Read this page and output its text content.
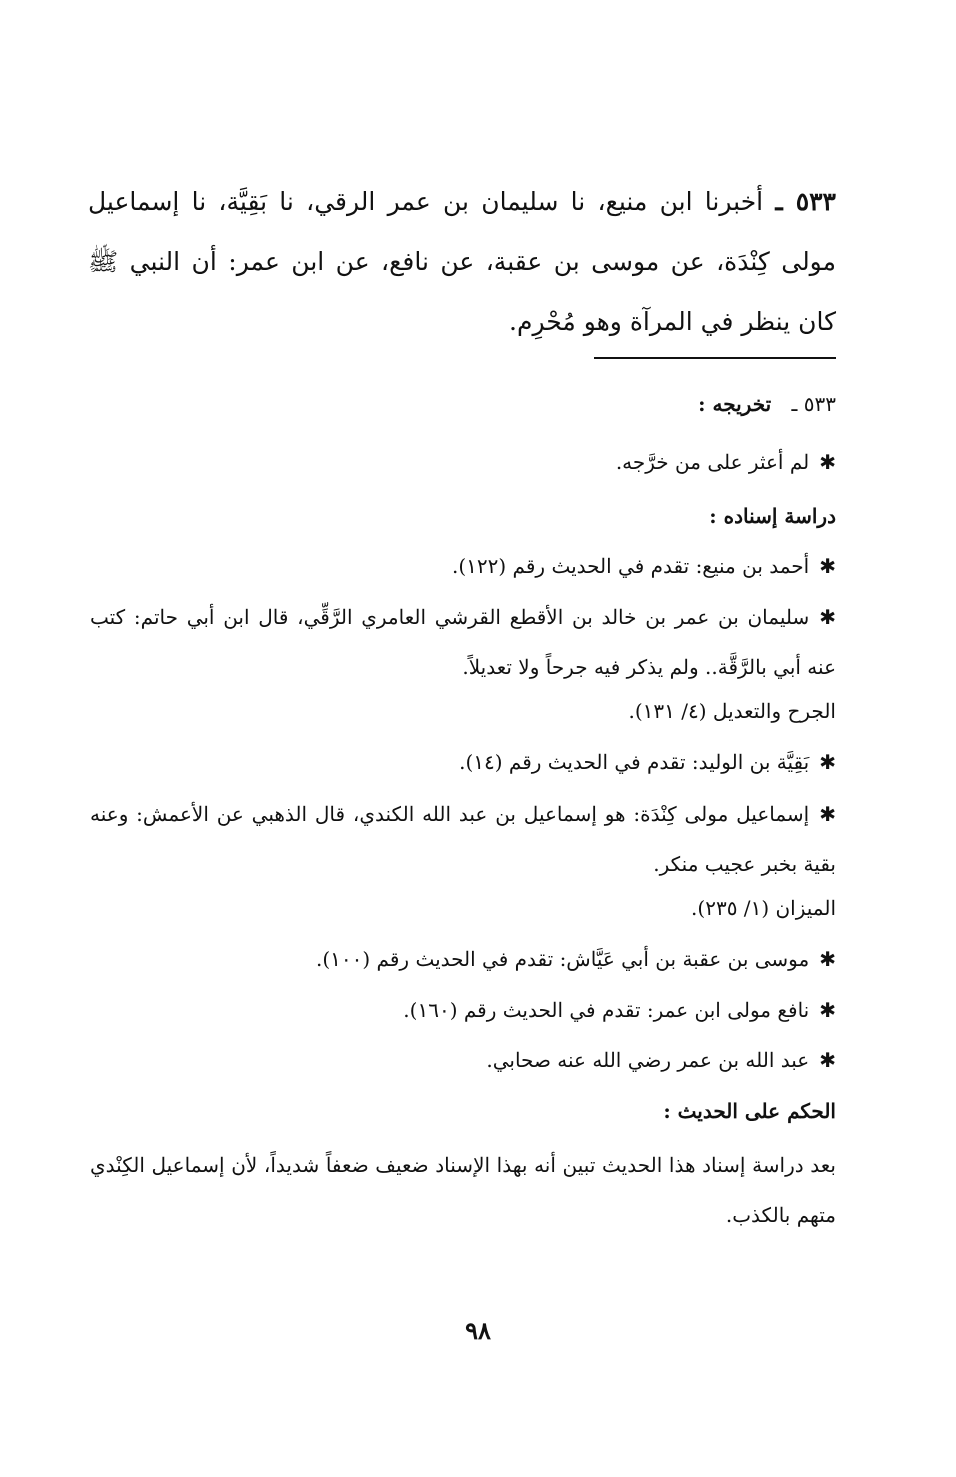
٥٣٣ ـ أخبرنا ابن منيع، نا سليمان بن عمر الرقي، نا بَقِيَّة، نا إسماعيل مولى كِنْدَة، عن موسى بن عقبة، عن نافع، عن ابن عمر: أن النبي ﷺ كان ينظر في المرآة وهو مُحْرِم.
٥٣٣ ـ تخريجه :
✱لم أعثر على من خرَّجه.
دراسة إسناده :
✱أحمد بن منيع: تقدم في الحديث رقم (١٢٢).
✱سليمان بن عمر بن خالد بن الأقطع القرشي العامري الرَّقِّي، قال ابن أبي حاتم: كتب عنه أبي بالرَّقَّة.. ولم يذكر فيه جرحاً ولا تعديلاً.
الجرح والتعديل (٤/ ١٣١).
✱بَقِيَّة بن الوليد: تقدم في الحديث رقم (١٤).
✱إسماعيل مولى كِنْدَة: هو إسماعيل بن عبد الله الكندي، قال الذهبي عن الأعمش: وعنه بقية بخبر عجيب منكر.
الميزان (١/ ٢٣٥).
✱موسى بن عقبة بن أبي عَيَّاش: تقدم في الحديث رقم (١٠٠).
✱نافع مولى ابن عمر: تقدم في الحديث رقم (١٦٠).
✱عبد الله بن عمر رضي الله عنه صحابي.
الحكم على الحديث :
بعد دراسة إسناد هذا الحديث تبين أنه بهذا الإسناد ضعيف ضعفاً شديداً، لأن إسماعيل الكِنْدي متهم بالكذب.
٩٨
